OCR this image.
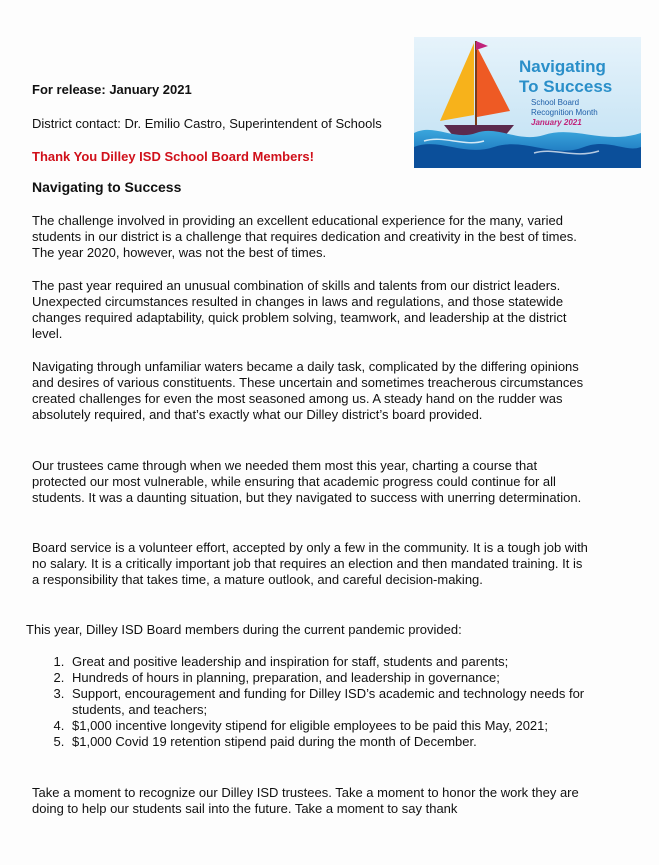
For release: January 2021
District contact: Dr. Emilio Castro, Superintendent of Schools
Thank You Dilley ISD School Board Members!
Navigating to Success
Navigating
To Success
School Board
Recognition Month
January 2021

The challenge involved in providing an excellent educational experience for the many, varied students in our district is a challenge that requires dedication and creativity in the best of times. The year 2020, however, was not the best of times.

The past year required an unusual combination of skills and talents from our district leaders. Unexpected circumstances resulted in changes in laws and regulations, and those statewide changes required adaptability, quick problem solving, teamwork, and leadership at the district level.

Navigating through unfamiliar waters became a daily task, complicated by the differing opinions and desires of various constituents. These uncertain and sometimes treacherous circumstances created challenges for even the most seasoned among us. A steady hand on the rudder was absolutely required, and that’s exactly what our Dilley district’s board provided.

Our trustees came through when we needed them most this year, charting a course that protected our most vulnerable, while ensuring that academic progress could continue for all students. It was a daunting situation, but they navigated to success with unerring determination.

Board service is a volunteer effort, accepted by only a few in the community. It is a tough job with no salary. It is a critically important job that requires an election and then mandated training. It is a responsibility that takes time, a mature outlook, and careful decision-making.

This year, Dilley ISD Board members during the current pandemic provided:

1. Great and positive leadership and inspiration for staff, students and parents;
2. Hundreds of hours in planning, preparation, and leadership in governance;
3. Support, encouragement and funding for Dilley ISD’s academic and technology needs for students, and teachers;
4. $1,000 incentive longevity stipend for eligible employees to be paid this May, 2021;
5. $1,000 Covid 19 retention stipend paid during the month of December.

Take a moment to recognize our Dilley ISD trustees. Take a moment to honor the work they are doing to help our students sail into the future. Take a moment to say thank
